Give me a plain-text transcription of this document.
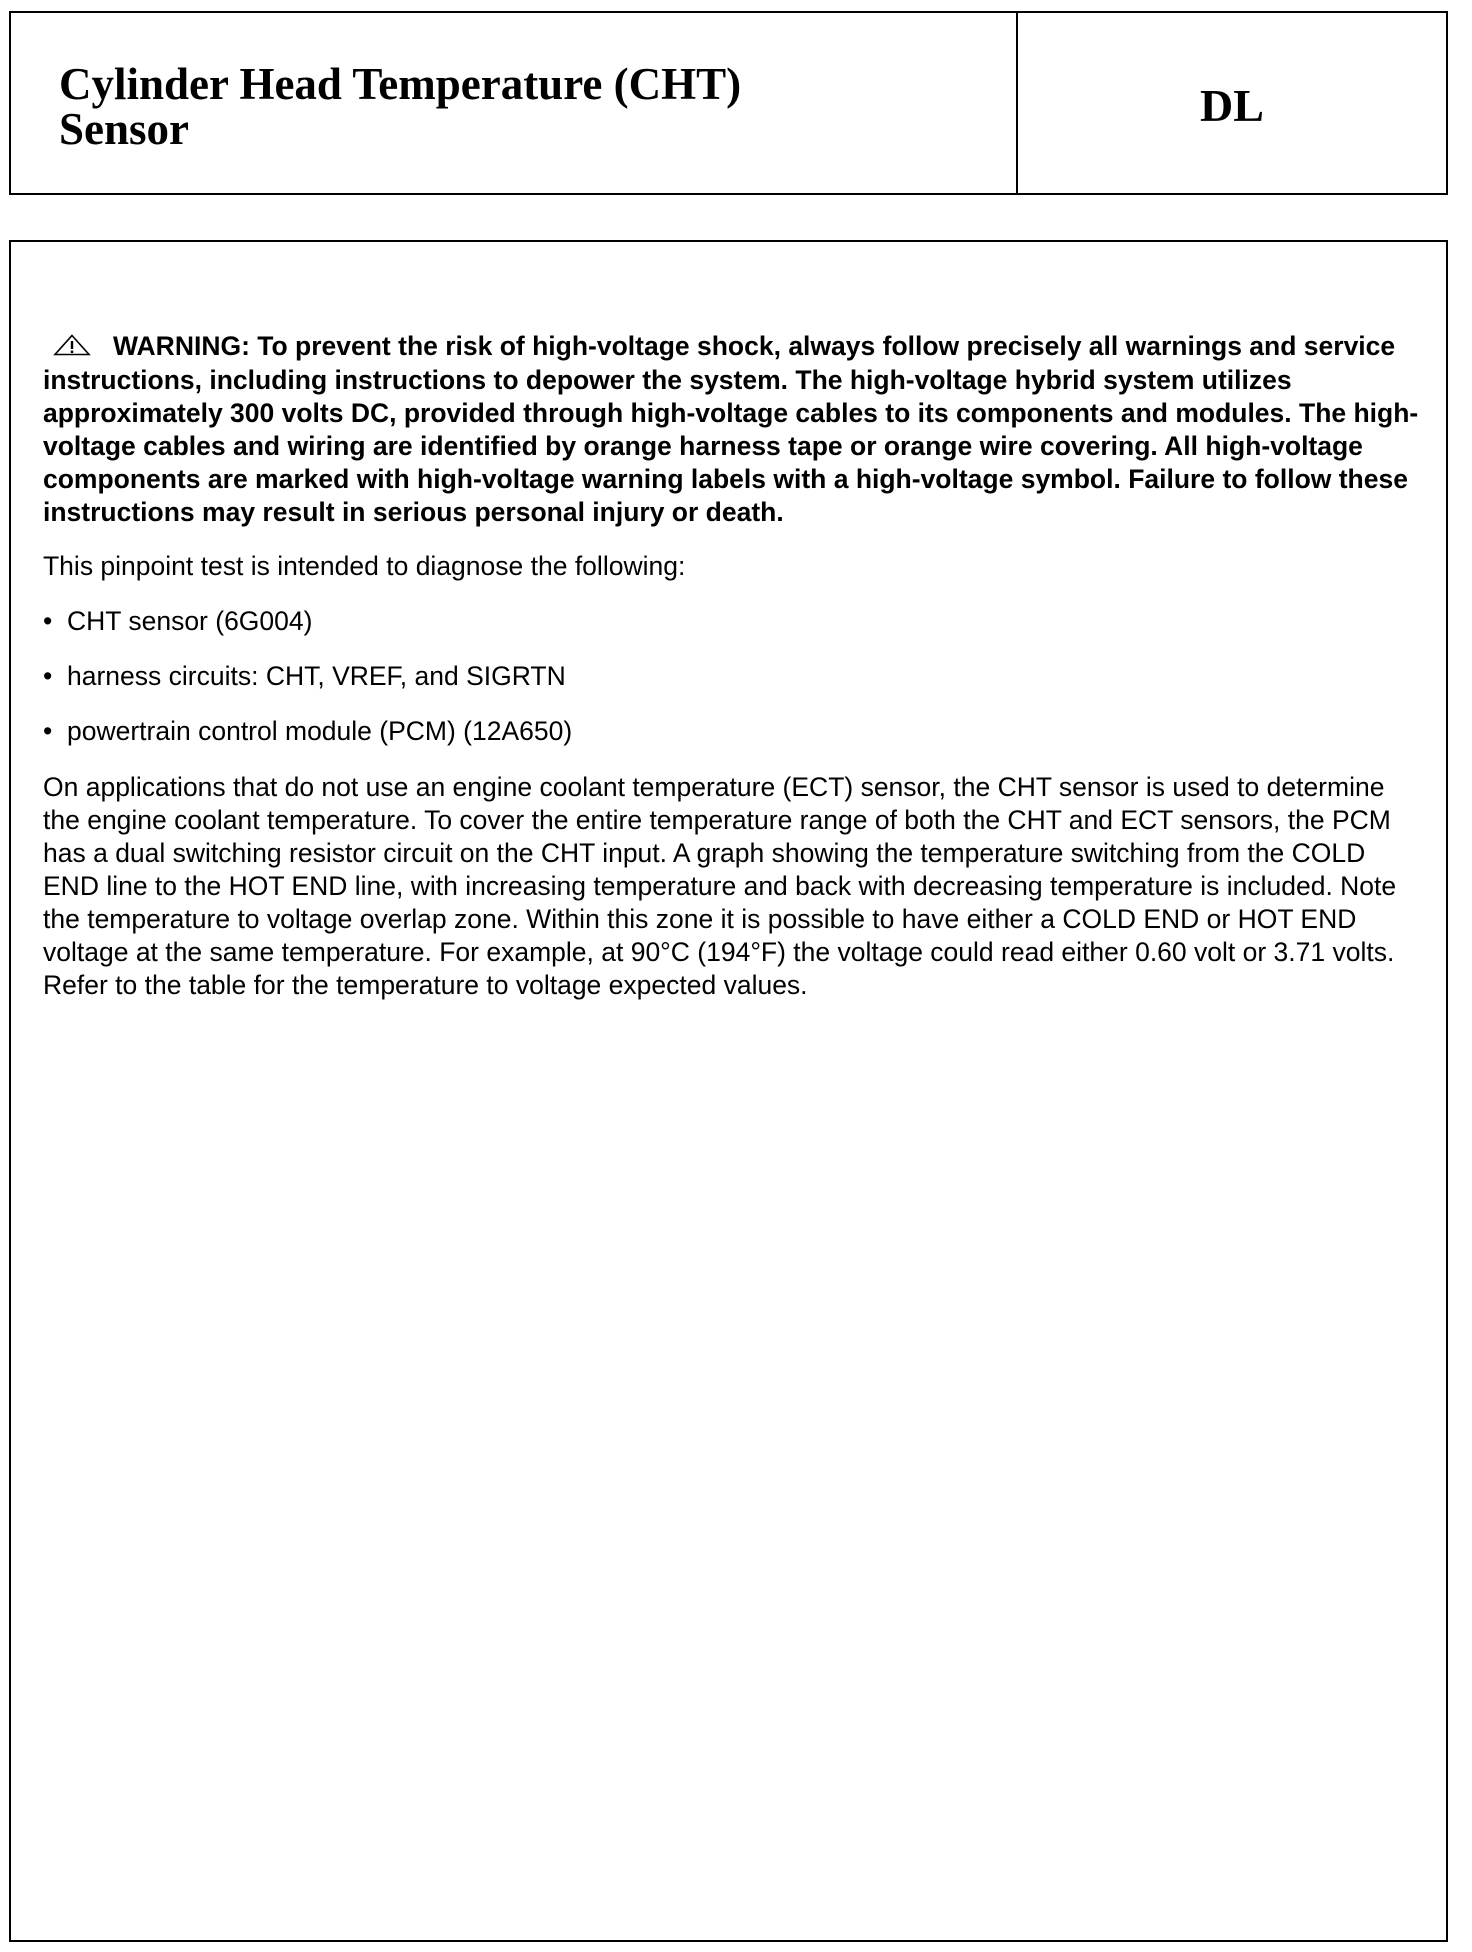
Cylinder Head Temperature (CHT)
Sensor	DL

WARNING: To prevent the risk of high-voltage shock, always follow precisely all warnings and service instructions, including instructions to depower the system. The high-voltage hybrid system utilizes approximately 300 volts DC, provided through high-voltage cables to its components and modules. The high-voltage cables and wiring are identified by orange harness tape or orange wire covering. All high-voltage components are marked with high-voltage warning labels with a high-voltage symbol. Failure to follow these instructions may result in serious personal injury or death.

This pinpoint test is intended to diagnose the following:

• CHT sensor (6G004)
• harness circuits: CHT, VREF, and SIGRTN
• powertrain control module (PCM) (12A650)

On applications that do not use an engine coolant temperature (ECT) sensor, the CHT sensor is used to determine the engine coolant temperature. To cover the entire temperature range of both the CHT and ECT sensors, the PCM has a dual switching resistor circuit on the CHT input. A graph showing the temperature switching from the COLD END line to the HOT END line, with increasing temperature and back with decreasing temperature is included. Note the temperature to voltage overlap zone. Within this zone it is possible to have either a COLD END or HOT END voltage at the same temperature. For example, at 90°C (194°F) the voltage could read either 0.60 volt or 3.71 volts. Refer to the table for the temperature to voltage expected values.
